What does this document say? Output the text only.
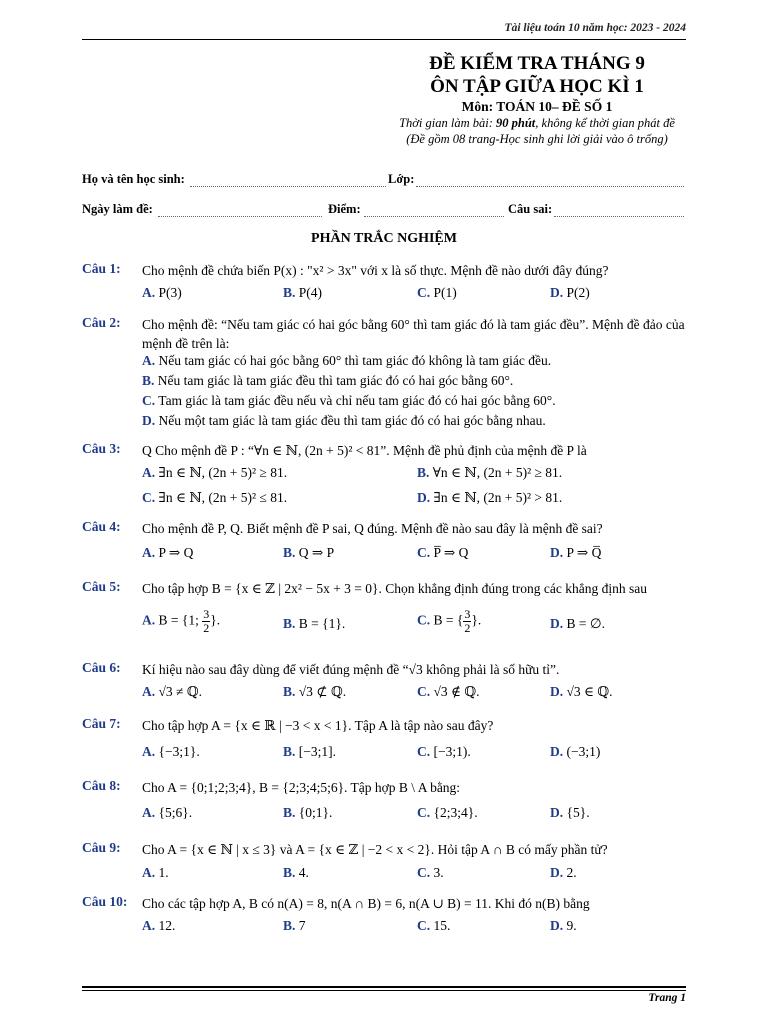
Tài liệu toán 10 năm học: 2023 - 2024
ĐỀ KIỂM TRA THÁNG 9
ÔN TẬP GIỮA HỌC KÌ 1
Môn: TOÁN 10– ĐỀ SỐ 1
Thời gian làm bài: 90 phút, không kể thời gian phát đề
(Đề gồm 08 trang-Học sinh ghi lời giải vào ô trống)
Họ và tên học sinh:	Lớp:
Ngày làm đề:	Điểm:	Câu sai:
PHẦN TRẮC NGHIỆM
Câu 1: Cho mệnh đề chứa biến P(x) : "x² > 3x" với x là số thực. Mệnh đề nào dưới đây đúng?
A. P(3)	B. P(4)	C. P(1)	D. P(2)
Câu 2: Cho mệnh đề: “Nếu tam giác có hai góc bằng 60° thì tam giác đó là tam giác đều”. Mệnh đề đảo của mệnh đề trên là:
A. Nếu tam giác có hai góc bằng 60° thì tam giác đó không là tam giác đều.
B. Nếu tam giác là tam giác đều thì tam giác đó có hai góc bằng 60°.
C. Tam giác là tam giác đều nếu và chỉ nếu tam giác đó có hai góc bằng 60°.
D. Nếu một tam giác là tam giác đều thì tam giác đó có hai góc bằng nhau.
Câu 3: Q Cho mệnh đề P : “∀n ∈ ℕ, (2n + 5)² < 81”. Mệnh đề phủ định của mệnh đề P là
A. ∃n ∈ ℕ, (2n + 5)² ≥ 81.	B. ∀n ∈ ℕ, (2n + 5)² ≥ 81.
C. ∃n ∈ ℕ, (2n + 5)² ≤ 81.	D. ∃n ∈ ℕ, (2n + 5)² > 81.
Câu 4: Cho mệnh đề P, Q. Biết mệnh đề P sai, Q đúng. Mệnh đề nào sau đây là mệnh đề sai?
A. P ⇒ Q	B. Q ⇒ P	C. P̅ ⇒ Q	D. P ⇒ Q̅
Câu 5: Cho tập hợp B = {x ∈ ℤ | 2x² − 5x + 3 = 0}. Chọn khẳng định đúng trong các khẳng định sau
A. B = {1; $\frac{3}{2}$ }.	B. B = {1}.	C. B = { $\frac{3}{2}$ }.	D. B = ∅.
Câu 6: Kí hiệu nào sau đây dùng để viết đúng mệnh đề “√3 không phải là số hữu tỉ”.
A. √3 ≠ ℚ.	B. √3 ⊄ ℚ.	C. √3 ∉ ℚ.	D. √3 ∈ ℚ.
Câu 7: Cho tập hợp A = {x ∈ ℝ | −3 < x < 1}. Tập A là tập nào sau đây?
A. {−3;1}.	B. [−3;1].	C. [−3;1).	D. (−3;1)
Câu 8: Cho A = {0;1;2;3;4}, B = {2;3;4;5;6}. Tập hợp B \ A bằng:
A. {5;6}.	B. {0;1}.	C. {2;3;4}.	D. {5}.
Câu 9: Cho A = {x ∈ ℕ | x ≤ 3} và A = {x ∈ ℤ | −2 < x < 2}. Hỏi tập A ∩ B có mấy phần tử?
A. 1.	B. 4.	C. 3.	D. 2.
Câu 10: Cho các tập hợp A, B có n(A) = 8, n(A ∩ B) = 6, n(A ∪ B) = 11. Khi đó n(B) bằng
A. 12.	B. 7	C. 15.	D. 9.
Trang 1
